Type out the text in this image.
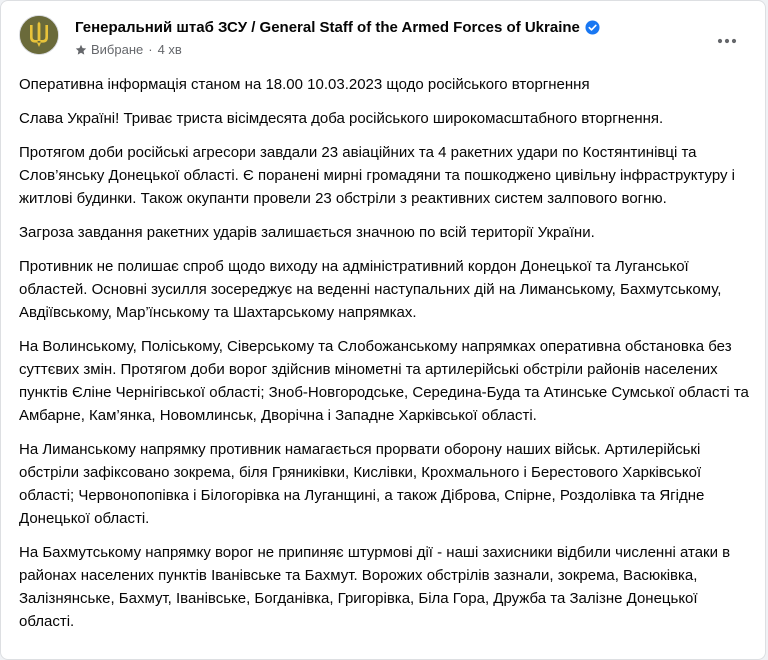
Генеральний штаб ЗСУ / General Staff of the Armed Forces of Ukraine
Вибране · 4 хв

Оперативна інформація станом на 18.00 10.03.2023 щодо російського вторгнення

Слава Україні! Триває триста вісімдесята доба російського широкомасштабного вторгнення.

Протягом доби російські агресори завдали 23 авіаційних та 4 ракетних удари по Костянтинівці та Слов’янську Донецької області. Є поранені мирні громадяни та пошкоджено цивільну інфраструктуру і житлові будинки. Також окупанти провели 23 обстріли з реактивних систем залпового вогню.

Загроза завдання ракетних ударів залишається значною по всій території України.

Противник не полишає спроб щодо виходу на адміністративний кордон Донецької та Луганської областей. Основні зусилля зосереджує на веденні наступальних дій на Лиманському, Бахмутському, Авдіївському, Мар’їнському та Шахтарському напрямках.

На Волинському, Поліському, Сіверському та Слобожанському напрямках оперативна обстановка без суттєвих змін. Протягом доби ворог здійснив мінометні та артилерійські обстріли районів населених пунктів Єліне Чернігівської області; Зноб-Новгородське, Середина-Буда та Атинське Сумської області та Амбарне, Кам’янка, Новомлинськ, Дворічна і Западне Харківської області.

На Лиманському напрямку противник намагається прорвати оборону наших військ. Артилерійські обстріли зафіксовано зокрема, біля Гряниківки, Кислівки, Крохмального і Берестового Харківської області; Червонопопівка і Білогорівка на Луганщині, а також Діброва, Спірне, Роздолівка та Ягідне Донецької області.

На Бахмутському напрямку ворог не припиняє штурмові дії - наші захисники відбили численні атаки в районах населених пунктів Іванівське та Бахмут. Ворожих обстрілів зазнали, зокрема, Васюківка, Залізнянське, Бахмут, Іванівське, Богданівка, Григорівка, Біла Гора, Дружба та Залізне Донецької області.
